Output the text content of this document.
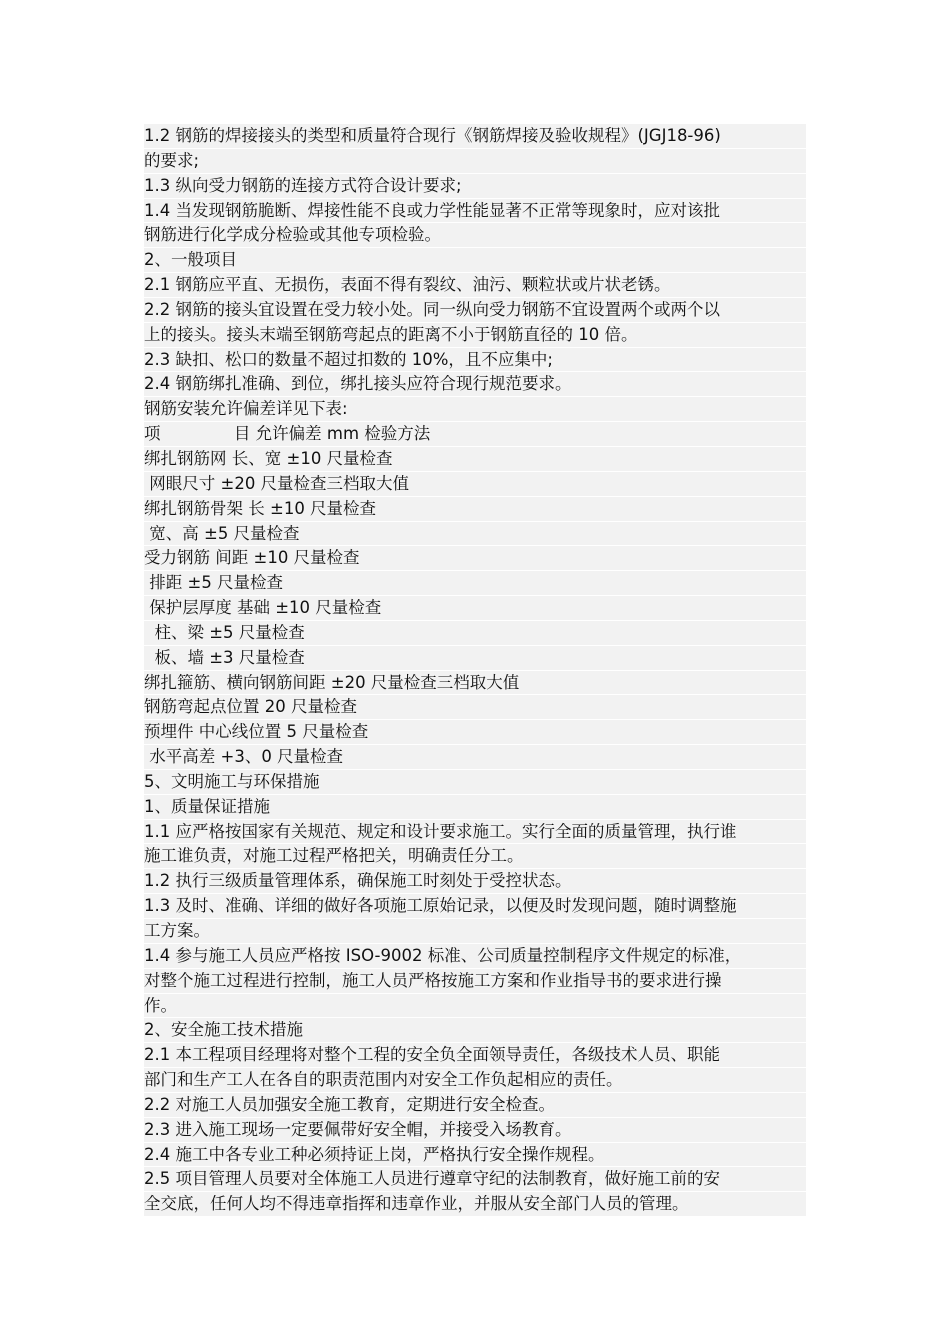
1.2 钢筋的焊接接头的类型和质量符合现行《钢筋焊接及验收规程》(JGJ18-96)
的要求;
1.3 纵向受力钢筋的连接方式符合设计要求;
1.4 当发现钢筋脆断、焊接性能不良或力学性能显著不正常等现象时，应对该批
钢筋进行化学成分检验或其他专项检验。
2、一般项目
2.1 钢筋应平直、无损伤，表面不得有裂纹、油污、颗粒状或片状老锈。
2.2 钢筋的接头宜设置在受力较小处。同一纵向受力钢筋不宜设置两个或两个以
上的接头。接头末端至钢筋弯起点的距离不小于钢筋直径的 10 倍。
2.3 缺扣、松口的数量不超过扣数的 10%，且不应集中;
2.4 钢筋绑扎准确、到位，绑扎接头应符合现行规范要求。
钢筋安装允许偏差详见下表:
项              目 允许偏差 mm 检验方法
绑扎钢筋网 长、宽 ±10 尺量检查
网眼尺寸 ±20 尺量检查三档取大值
绑扎钢筋骨架 长 ±10 尺量检查
宽、高 ±5 尺量检查
受力钢筋 间距 ±10 尺量检查
排距 ±5 尺量检查
保护层厚度 基础 ±10 尺量检查
柱、梁 ±5 尺量检查
板、墙 ±3 尺量检查
绑扎箍筋、横向钢筋间距 ±20 尺量检查三档取大值
钢筋弯起点位置 20 尺量检查
预埋件 中心线位置 5 尺量检查
水平高差 +3、0 尺量检查
5、文明施工与环保措施
1、质量保证措施
1.1 应严格按国家有关规范、规定和设计要求施工。实行全面的质量管理，执行谁
施工谁负责，对施工过程严格把关，明确责任分工。
1.2 执行三级质量管理体系，确保施工时刻处于受控状态。
1.3 及时、准确、详细的做好各项施工原始记录，以便及时发现问题，随时调整施
工方案。
1.4 参与施工人员应严格按 ISO-9002 标准、公司质量控制程序文件规定的标准，
对整个施工过程进行控制，施工人员严格按施工方案和作业指导书的要求进行操
作。
2、安全施工技术措施
2.1 本工程项目经理将对整个工程的安全负全面领导责任，各级技术人员、职能
部门和生产工人在各自的职责范围内对安全工作负起相应的责任。
2.2 对施工人员加强安全施工教育，定期进行安全检查。
2.3 进入施工现场一定要佩带好安全帽，并接受入场教育。
2.4 施工中各专业工种必须持证上岗，严格执行安全操作规程。
2.5 项目管理人员要对全体施工人员进行遵章守纪的法制教育，做好施工前的安
全交底，任何人均不得违章指挥和违章作业，并服从安全部门人员的管理。
